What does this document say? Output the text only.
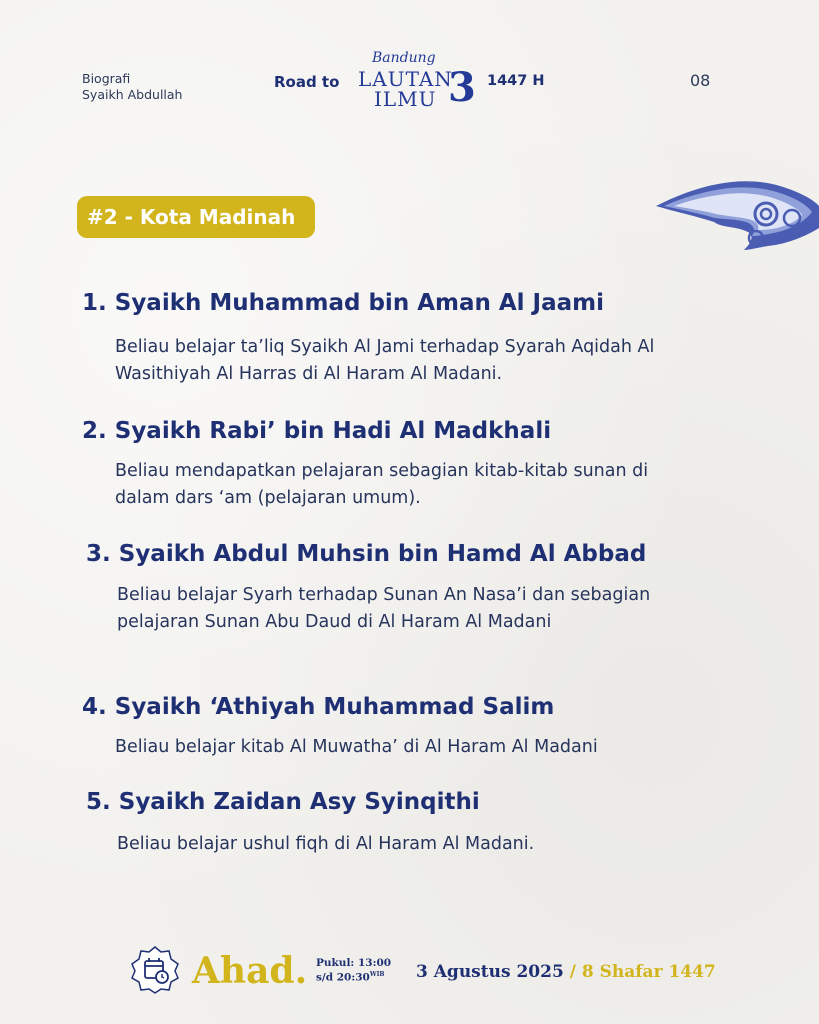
Biografi
Syaikh Abdullah
Road to
Bandung
LAUTAN
ILMU 3 1447 H	08
#2 - Kota Madinah
1. Syaikh Muhammad bin Aman Al Jaami
Beliau belajar ta’liq Syaikh Al Jami terhadap Syarah Aqidah Al Wasithiyah Al Harras di Al Haram Al Madani.
2. Syaikh Rabi’ bin Hadi Al Madkhali
Beliau mendapatkan pelajaran sebagian kitab-kitab sunan di dalam dars ‘am (pelajaran umum).
3. Syaikh Abdul Muhsin bin Hamd Al Abbad
Beliau belajar Syarh terhadap Sunan An Nasa’i dan sebagian pelajaran Sunan Abu Daud di Al Haram Al Madani
4. Syaikh ‘Athiyah Muhammad Salim
Beliau belajar kitab Al Muwatha’ di Al Haram Al Madani
5. Syaikh Zaidan Asy Syinqithi
Beliau belajar ushul fiqh di Al Haram Al Madani.
Ahad. Pukul: 13:00
s/d $20:30^{WIB}$	3 Agustus 2025 / 8 Shafar 1447
